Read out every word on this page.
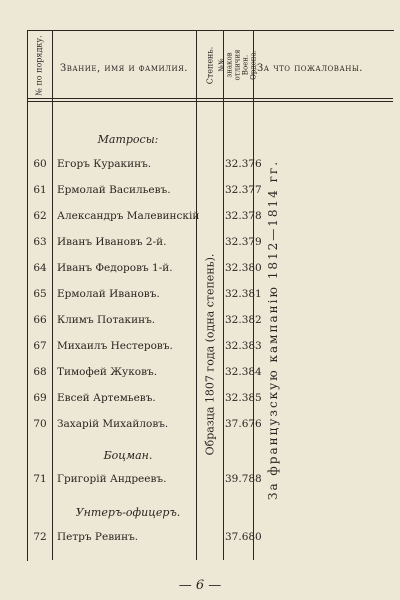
№ по порядку. Звание, имя и фамилия. Степень. №№ знаков отличия Воен. Ордена. За что пожалованы.
Матросы:
60 Егоръ Куракинъ.	32.376
61 Ермолай Васильевъ.	32.377
62 Александръ Малевинскій 32.378
63 Иванъ Ивановъ 2-й.	32.379
64 Иванъ Федоровъ 1-й.	32.380
65 Ермолай Ивановъ.	32.381
66 Климъ Потакинъ.	32.382
67 Михаилъ Нестеровъ.	32.383
68 Тимофей Жуковъ.	32.384
69 Евсей Артемьевъ.	32.385
70 Захарій Михайловъ.	37.676
Боцман.
71 Григорій Андреевъ.	39.788
Унтеръ-офицеръ.
72 Петръ Ревинъ.	37.680
Образца 1807 года (одна степень).	За французскую кампанію 1812—1814 гг.
— 6 —
